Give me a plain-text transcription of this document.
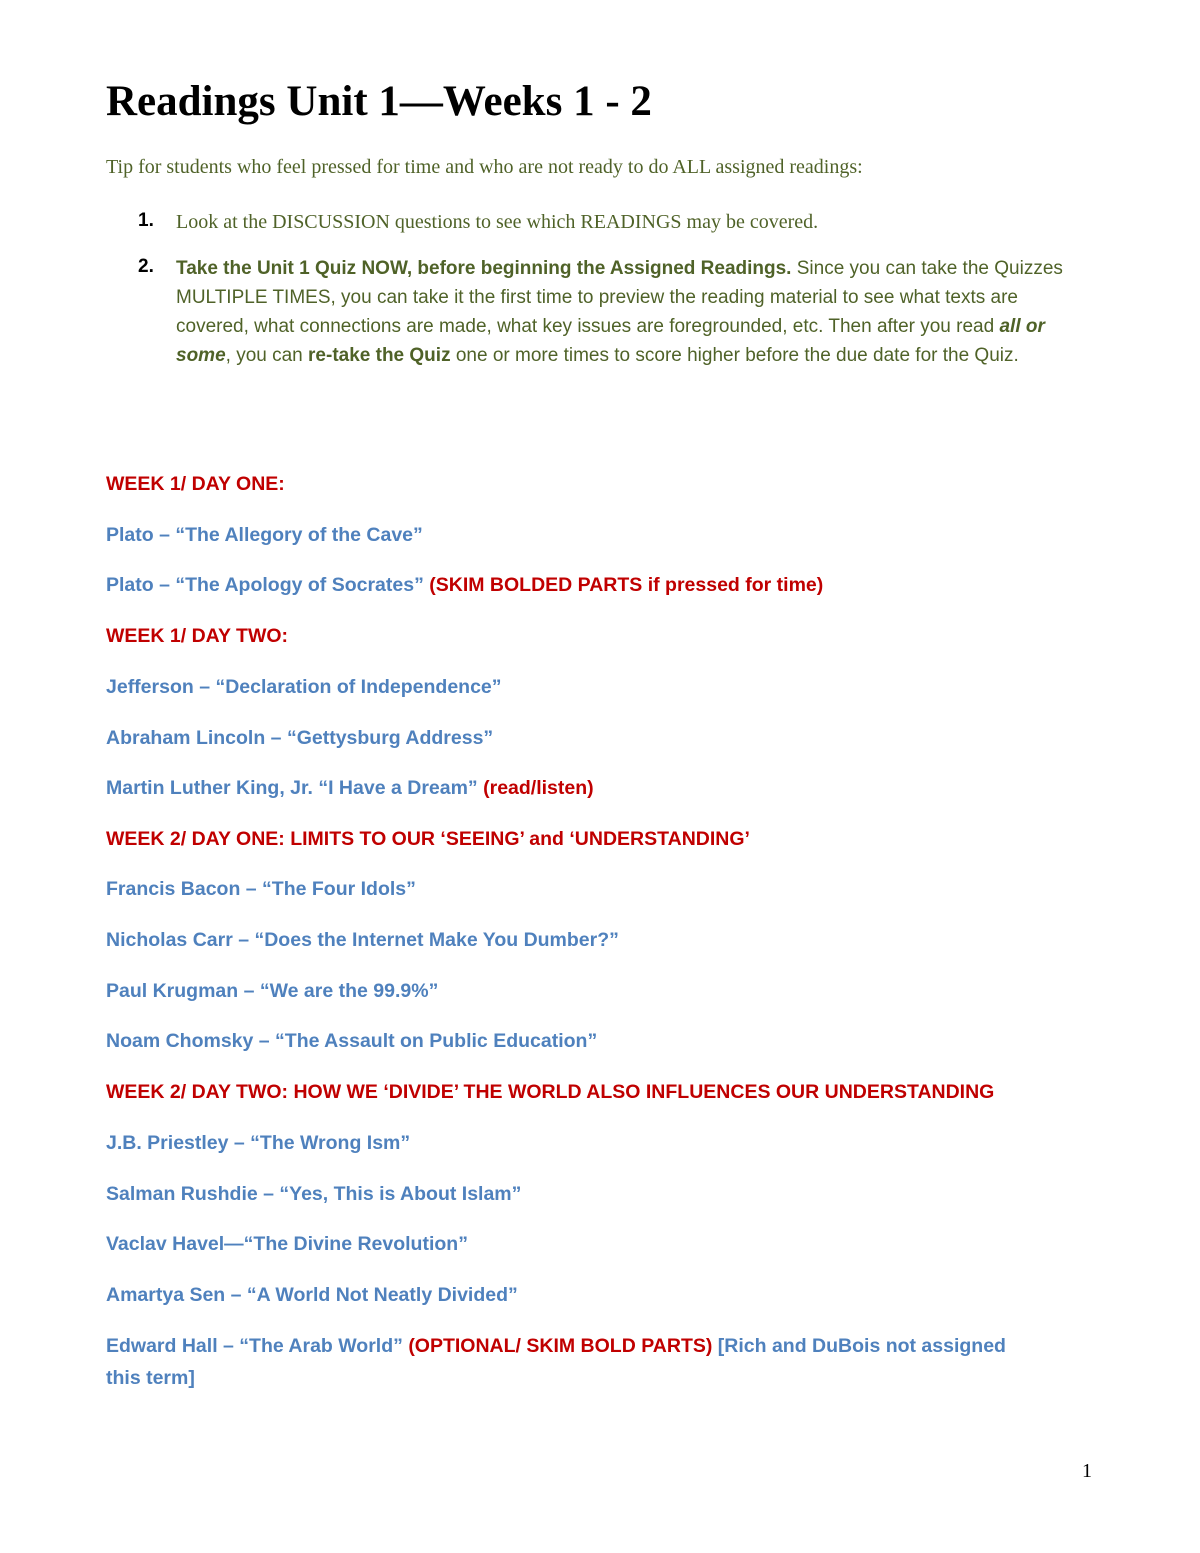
Readings Unit 1—Weeks 1 - 2

Tip for students who feel pressed for time and who are not ready to do ALL assigned readings:

1. Look at the DISCUSSION questions to see which READINGS may be covered.

2. Take the Unit 1 Quiz NOW, before beginning the Assigned Readings. Since you can take the Quizzes MULTIPLE TIMES, you can take it the first time to preview the reading material to see what texts are covered, what connections are made, what key issues are foregrounded, etc. Then after you read all or some, you can re-take the Quiz one or more times to score higher before the due date for the Quiz.

WEEK 1/ DAY ONE:

Plato – “The Allegory of the Cave”

Plato – “The Apology of Socrates” (SKIM BOLDED PARTS if pressed for time)

WEEK 1/ DAY TWO:

Jefferson – “Declaration of Independence”

Abraham Lincoln – “Gettysburg Address”

Martin Luther King, Jr. “I Have a Dream” (read/listen)

WEEK 2/ DAY ONE: LIMITS TO OUR ‘SEEING’ and ‘UNDERSTANDING’

Francis Bacon – “The Four Idols”

Nicholas Carr – “Does the Internet Make You Dumber?”

Paul Krugman – “We are the 99.9%”

Noam Chomsky – “The Assault on Public Education”

WEEK 2/ DAY TWO: HOW WE ‘DIVIDE’ THE WORLD ALSO INFLUENCES OUR UNDERSTANDING

J.B. Priestley – “The Wrong Ism”

Salman Rushdie – “Yes, This is About Islam”

Vaclav Havel—“The Divine Revolution”

Amartya Sen – “A World Not Neatly Divided”

Edward Hall – “The Arab World” (OPTIONAL/ SKIM BOLD PARTS) [Rich and DuBois not assigned this term]

1
